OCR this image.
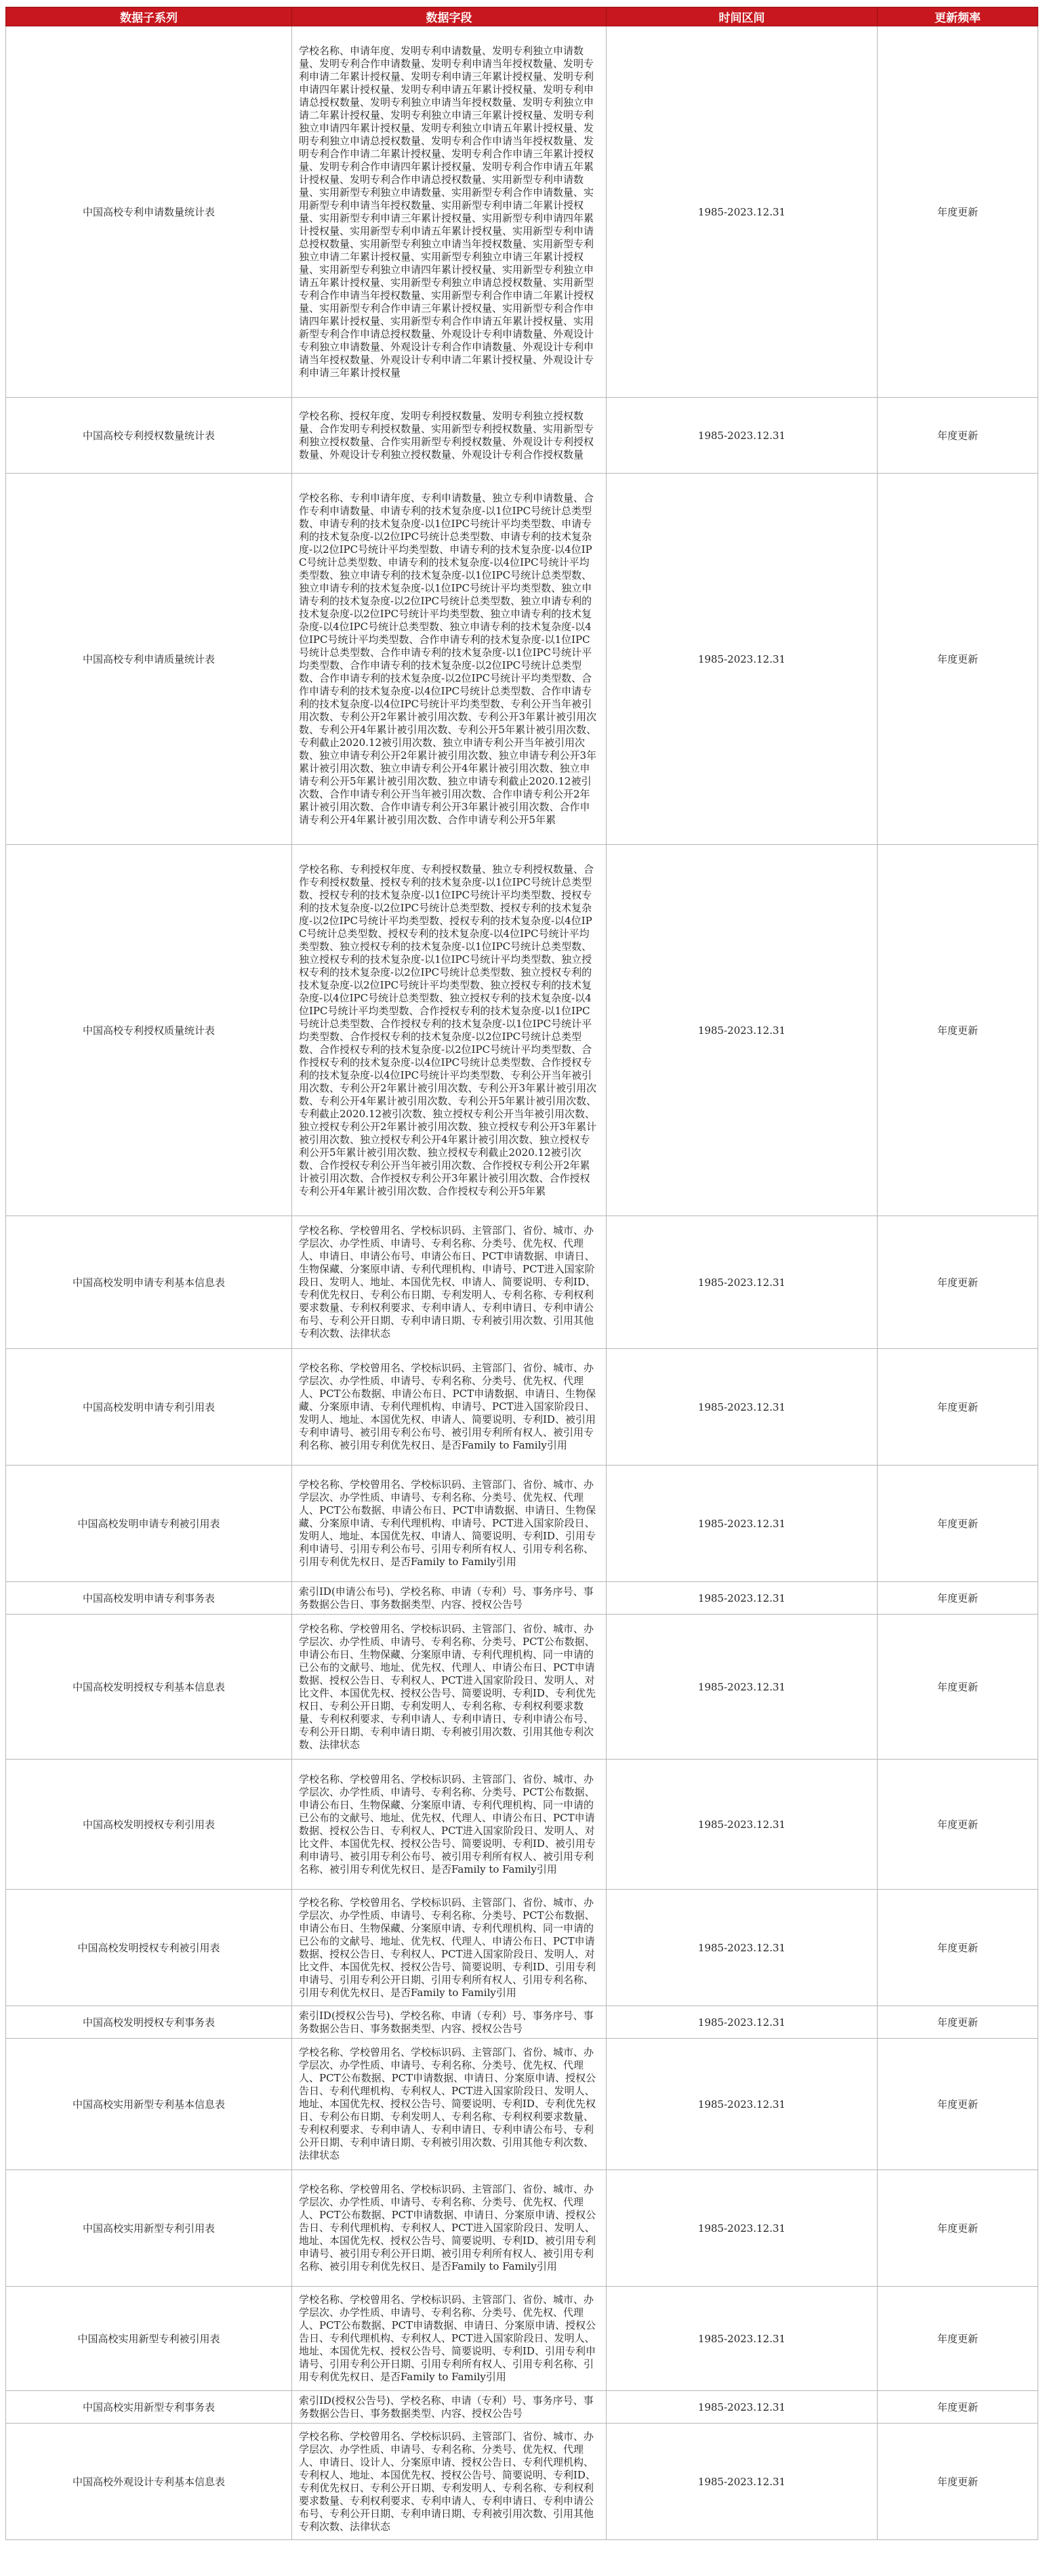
数据子系列	数据字段	时间区间	更新频率
中国高校专利申请数量统计表	学校名称、申请年度、发明专利申请数量、发明专利独立申请数量、发明专利合作申请数量、发明专利申请当年授权数量、发明专利申请二年累计授权量、发明专利申请三年累计授权量、发明专利申请四年累计授权量、发明专利申请五年累计授权量、发明专利申请总授权数量、发明专利独立申请当年授权数量、发明专利独立申请二年累计授权量、发明专利独立申请三年累计授权量、发明专利独立申请四年累计授权量、发明专利独立申请五年累计授权量、发明专利独立申请总授权数量、发明专利合作申请当年授权数量、发明专利合作申请二年累计授权量、发明专利合作申请三年累计授权量、发明专利合作申请四年累计授权量、发明专利合作申请五年累计授权量、发明专利合作申请总授权数量、实用新型专利申请数量、实用新型专利独立申请数量、实用新型专利合作申请数量、实用新型专利申请当年授权数量、实用新型专利申请二年累计授权量、实用新型专利申请三年累计授权量、实用新型专利申请四年累计授权量、实用新型专利申请五年累计授权量、实用新型专利申请总授权数量、实用新型专利独立申请当年授权数量、实用新型专利独立申请二年累计授权量、实用新型专利独立申请三年累计授权量、实用新型专利独立申请四年累计授权量、实用新型专利独立申请五年累计授权量、实用新型专利独立申请总授权数量、实用新型专利合作申请当年授权数量、实用新型专利合作申请二年累计授权量、实用新型专利合作申请三年累计授权量、实用新型专利合作申请四年累计授权量、实用新型专利合作申请五年累计授权量、实用新型专利合作申请总授权数量、外观设计专利申请数量、外观设计专利独立申请数量、外观设计专利合作申请数量、外观设计专利申请当年授权数量、外观设计专利申请二年累计授权量、外观设计专利申请三年累计授权量	1985-2023.12.31	年度更新
中国高校专利授权数量统计表	学校名称、授权年度、发明专利授权数量、发明专利独立授权数量、合作发明专利授权数量、实用新型专利授权数量、实用新型专利独立授权数量、合作实用新型专利授权数量、外观设计专利授权数量、外观设计专利独立授权数量、外观设计专利合作授权数量	1985-2023.12.31	年度更新
中国高校专利申请质量统计表	学校名称、专利申请年度、专利申请数量、独立专利申请数量、合作专利申请数量、申请专利的技术复杂度-以1位IPC号统计总类型数、申请专利的技术复杂度-以1位IPC号统计平均类型数、申请专利的技术复杂度-以2位IPC号统计总类型数、申请专利的技术复杂度-以2位IPC号统计平均类型数、申请专利的技术复杂度-以4位IPC号统计总类型数、申请专利的技术复杂度-以4位IPC号统计平均类型数、独立申请专利的技术复杂度-以1位IPC号统计总类型数、独立申请专利的技术复杂度-以1位IPC号统计平均类型数、独立申请专利的技术复杂度-以2位IPC号统计总类型数、独立申请专利的技术复杂度-以2位IPC号统计平均类型数、独立申请专利的技术复杂度-以4位IPC号统计总类型数、独立申请专利的技术复杂度-以4位IPC号统计平均类型数、合作申请专利的技术复杂度-以1位IPC号统计总类型数、合作申请专利的技术复杂度-以1位IPC号统计平均类型数、合作申请专利的技术复杂度-以2位IPC号统计总类型数、合作申请专利的技术复杂度-以2位IPC号统计平均类型数、合作申请专利的技术复杂度-以4位IPC号统计总类型数、合作申请专利的技术复杂度-以4位IPC号统计平均类型数、专利公开当年被引用次数、专利公开2年累计被引用次数、专利公开3年累计被引用次数、专利公开4年累计被引用次数、专利公开5年累计被引用次数、专利截止2020.12被引用次数、独立申请专利公开当年被引用次数、独立申请专利公开2年累计被引用次数、独立申请专利公开3年累计被引用次数、独立申请专利公开4年累计被引用次数、独立申请专利公开5年累计被引用次数、独立申请专利截止2020.12被引次数、合作申请专利公开当年被引用次数、合作申请专利公开2年累计被引用次数、合作申请专利公开3年累计被引用次数、合作申请专利公开4年累计被引用次数、合作申请专利公开5年累	1985-2023.12.31	年度更新
中国高校专利授权质量统计表	学校名称、专利授权年度、专利授权数量、独立专利授权数量、合作专利授权数量、授权专利的技术复杂度-以1位IPC号统计总类型数、授权专利的技术复杂度-以1位IPC号统计平均类型数、授权专利的技术复杂度-以2位IPC号统计总类型数、授权专利的技术复杂度-以2位IPC号统计平均类型数、授权专利的技术复杂度-以4位IPC号统计总类型数、授权专利的技术复杂度-以4位IPC号统计平均类型数、独立授权专利的技术复杂度-以1位IPC号统计总类型数、独立授权专利的技术复杂度-以1位IPC号统计平均类型数、独立授权专利的技术复杂度-以2位IPC号统计总类型数、独立授权专利的技术复杂度-以2位IPC号统计平均类型数、独立授权专利的技术复杂度-以4位IPC号统计总类型数、独立授权专利的技术复杂度-以4位IPC号统计平均类型数、合作授权专利的技术复杂度-以1位IPC号统计总类型数、合作授权专利的技术复杂度-以1位IPC号统计平均类型数、合作授权专利的技术复杂度-以2位IPC号统计总类型数、合作授权专利的技术复杂度-以2位IPC号统计平均类型数、合作授权专利的技术复杂度-以4位IPC号统计总类型数、合作授权专利的技术复杂度-以4位IPC号统计平均类型数、专利公开当年被引用次数、专利公开2年累计被引用次数、专利公开3年累计被引用次数、专利公开4年累计被引用次数、专利公开5年累计被引用次数、专利截止2020.12被引次数、独立授权专利公开当年被引用次数、独立授权专利公开2年累计被引用次数、独立授权专利公开3年累计被引用次数、独立授权专利公开4年累计被引用次数、独立授权专利公开5年累计被引用次数、独立授权专利截止2020.12被引次数、合作授权专利公开当年被引用次数、合作授权专利公开2年累计被引用次数、合作授权专利公开3年累计被引用次数、合作授权专利公开4年累计被引用次数、合作授权专利公开5年累	1985-2023.12.31	年度更新
中国高校发明申请专利基本信息表	学校名称、学校曾用名、学校标识码、主管部门、省份、城市、办学层次、办学性质、申请号、专利名称、分类号、优先权、代理人、申请日、申请公布号、申请公布日、PCT申请数据、申请日、生物保藏、分案原申请、专利代理机构、申请号、PCT进入国家阶段日、发明人、地址、本国优先权、申请人、简要说明、专利ID、专利优先权日、专利公布日期、专利发明人、专利名称、专利权利要求数量、专利权利要求、专利申请人、专利申请日、专利申请公布号、专利公开日期、专利申请日期、专利被引用次数、引用其他专利次数、法律状态	1985-2023.12.31	年度更新
中国高校发明申请专利引用表	学校名称、学校曾用名、学校标识码、主管部门、省份、城市、办学层次、办学性质、申请号、专利名称、分类号、优先权、代理人、PCT公布数据、申请公布日、PCT申请数据、申请日、生物保藏、分案原申请、专利代理机构、申请号、PCT进入国家阶段日、发明人、地址、本国优先权、申请人、简要说明、专利ID、被引用专利申请号、被引用专利公布号、被引用专利所有权人、被引用专利名称、被引用专利优先权日、是否Family to Family引用	1985-2023.12.31	年度更新
中国高校发明申请专利被引用表	学校名称、学校曾用名、学校标识码、主管部门、省份、城市、办学层次、办学性质、申请号、专利名称、分类号、优先权、代理人、PCT公布数据、申请公布日、PCT申请数据、申请日、生物保藏、分案原申请、专利代理机构、申请号、PCT进入国家阶段日、发明人、地址、本国优先权、申请人、简要说明、专利ID、引用专利申请号、引用专利公布号、引用专利所有权人、引用专利名称、引用专利优先权日、是否Family to Family引用	1985-2023.12.31	年度更新
中国高校发明申请专利事务表	索引ID(申请公布号)、学校名称、申请（专利）号、事务序号、事务数据公告日、事务数据类型、内容、授权公告号	1985-2023.12.31	年度更新
中国高校发明授权专利基本信息表	学校名称、学校曾用名、学校标识码、主管部门、省份、城市、办学层次、办学性质、申请号、专利名称、分类号、PCT公布数据、申请公布日、生物保藏、分案原申请、专利代理机构、同一申请的已公布的文献号、地址、优先权、代理人、申请公布日、PCT申请数据、授权公告日、专利权人、PCT进入国家阶段日、发明人、对比文件、本国优先权、授权公告号、简要说明、专利ID、专利优先权日、专利公开日期、专利发明人、专利名称、专利权利要求数量、专利权利要求、专利申请人、专利申请日、专利申请公布号、专利公开日期、专利申请日期、专利被引用次数、引用其他专利次数、法律状态	1985-2023.12.31	年度更新
中国高校发明授权专利引用表	学校名称、学校曾用名、学校标识码、主管部门、省份、城市、办学层次、办学性质、申请号、专利名称、分类号、PCT公布数据、申请公布日、生物保藏、分案原申请、专利代理机构、同一申请的已公布的文献号、地址、优先权、代理人、申请公布日、PCT申请数据、授权公告日、专利权人、PCT进入国家阶段日、发明人、对比文件、本国优先权、授权公告号、简要说明、专利ID、被引用专利申请号、被引用专利公布号、被引用专利所有权人、被引用专利名称、被引用专利优先权日、是否Family to Family引用	1985-2023.12.31	年度更新
中国高校发明授权专利被引用表	学校名称、学校曾用名、学校标识码、主管部门、省份、城市、办学层次、办学性质、申请号、专利名称、分类号、PCT公布数据、申请公布日、生物保藏、分案原申请、专利代理机构、同一申请的已公布的文献号、地址、优先权、代理人、申请公布日、PCT申请数据、授权公告日、专利权人、PCT进入国家阶段日、发明人、对比文件、本国优先权、授权公告号、简要说明、专利ID、引用专利申请号、引用专利公开日期、引用专利所有权人、引用专利名称、引用专利优先权日、是否Family to Family引用	1985-2023.12.31	年度更新
中国高校发明授权专利事务表	索引ID(授权公告号)、学校名称、申请（专利）号、事务序号、事务数据公告日、事务数据类型、内容、授权公告号	1985-2023.12.31	年度更新
中国高校实用新型专利基本信息表	学校名称、学校曾用名、学校标识码、主管部门、省份、城市、办学层次、办学性质、申请号、专利名称、分类号、优先权、代理人、PCT公布数据、PCT申请数据、申请日、分案原申请、授权公告日、专利代理机构、专利权人、PCT进入国家阶段日、发明人、地址、本国优先权、授权公告号、简要说明、专利ID、专利优先权日、专利公布日期、专利发明人、专利名称、专利权利要求数量、专利权利要求、专利申请人、专利申请日、专利申请公布号、专利公开日期、专利申请日期、专利被引用次数、引用其他专利次数、法律状态	1985-2023.12.31	年度更新
中国高校实用新型专利引用表	学校名称、学校曾用名、学校标识码、主管部门、省份、城市、办学层次、办学性质、申请号、专利名称、分类号、优先权、代理人、PCT公布数据、PCT申请数据、申请日、分案原申请、授权公告日、专利代理机构、专利权人、PCT进入国家阶段日、发明人、地址、本国优先权、授权公告号、简要说明、专利ID、被引用专利申请号、被引用专利公开日期、被引用专利所有权人、被引用专利名称、被引用专利优先权日、是否Family to Family引用	1985-2023.12.31	年度更新
中国高校实用新型专利被引用表	学校名称、学校曾用名、学校标识码、主管部门、省份、城市、办学层次、办学性质、申请号、专利名称、分类号、优先权、代理人、PCT公布数据、PCT申请数据、申请日、分案原申请、授权公告日、专利代理机构、专利权人、PCT进入国家阶段日、发明人、地址、本国优先权、授权公告号、简要说明、专利ID、引用专利申请号、引用专利公开日期、引用专利所有权人、引用专利名称、引用专利优先权日、是否Family to Family引用	1985-2023.12.31	年度更新
中国高校实用新型专利事务表	索引ID(授权公告号)、学校名称、申请（专利）号、事务序号、事务数据公告日、事务数据类型、内容、授权公告号	1985-2023.12.31	年度更新
中国高校外观设计专利基本信息表	学校名称、学校曾用名、学校标识码、主管部门、省份、城市、办学层次、办学性质、申请号、专利名称、分类号、优先权、代理人、申请日、设计人、分案原申请、授权公告日、专利代理机构、专利权人、地址、本国优先权、授权公告号、简要说明、专利ID、专利优先权日、专利公开日期、专利发明人、专利名称、专利权利要求数量、专利权利要求、专利申请人、专利申请日、专利申请公布号、专利公开日期、专利申请日期、专利被引用次数、引用其他专利次数、法律状态	1985-2023.12.31	年度更新
